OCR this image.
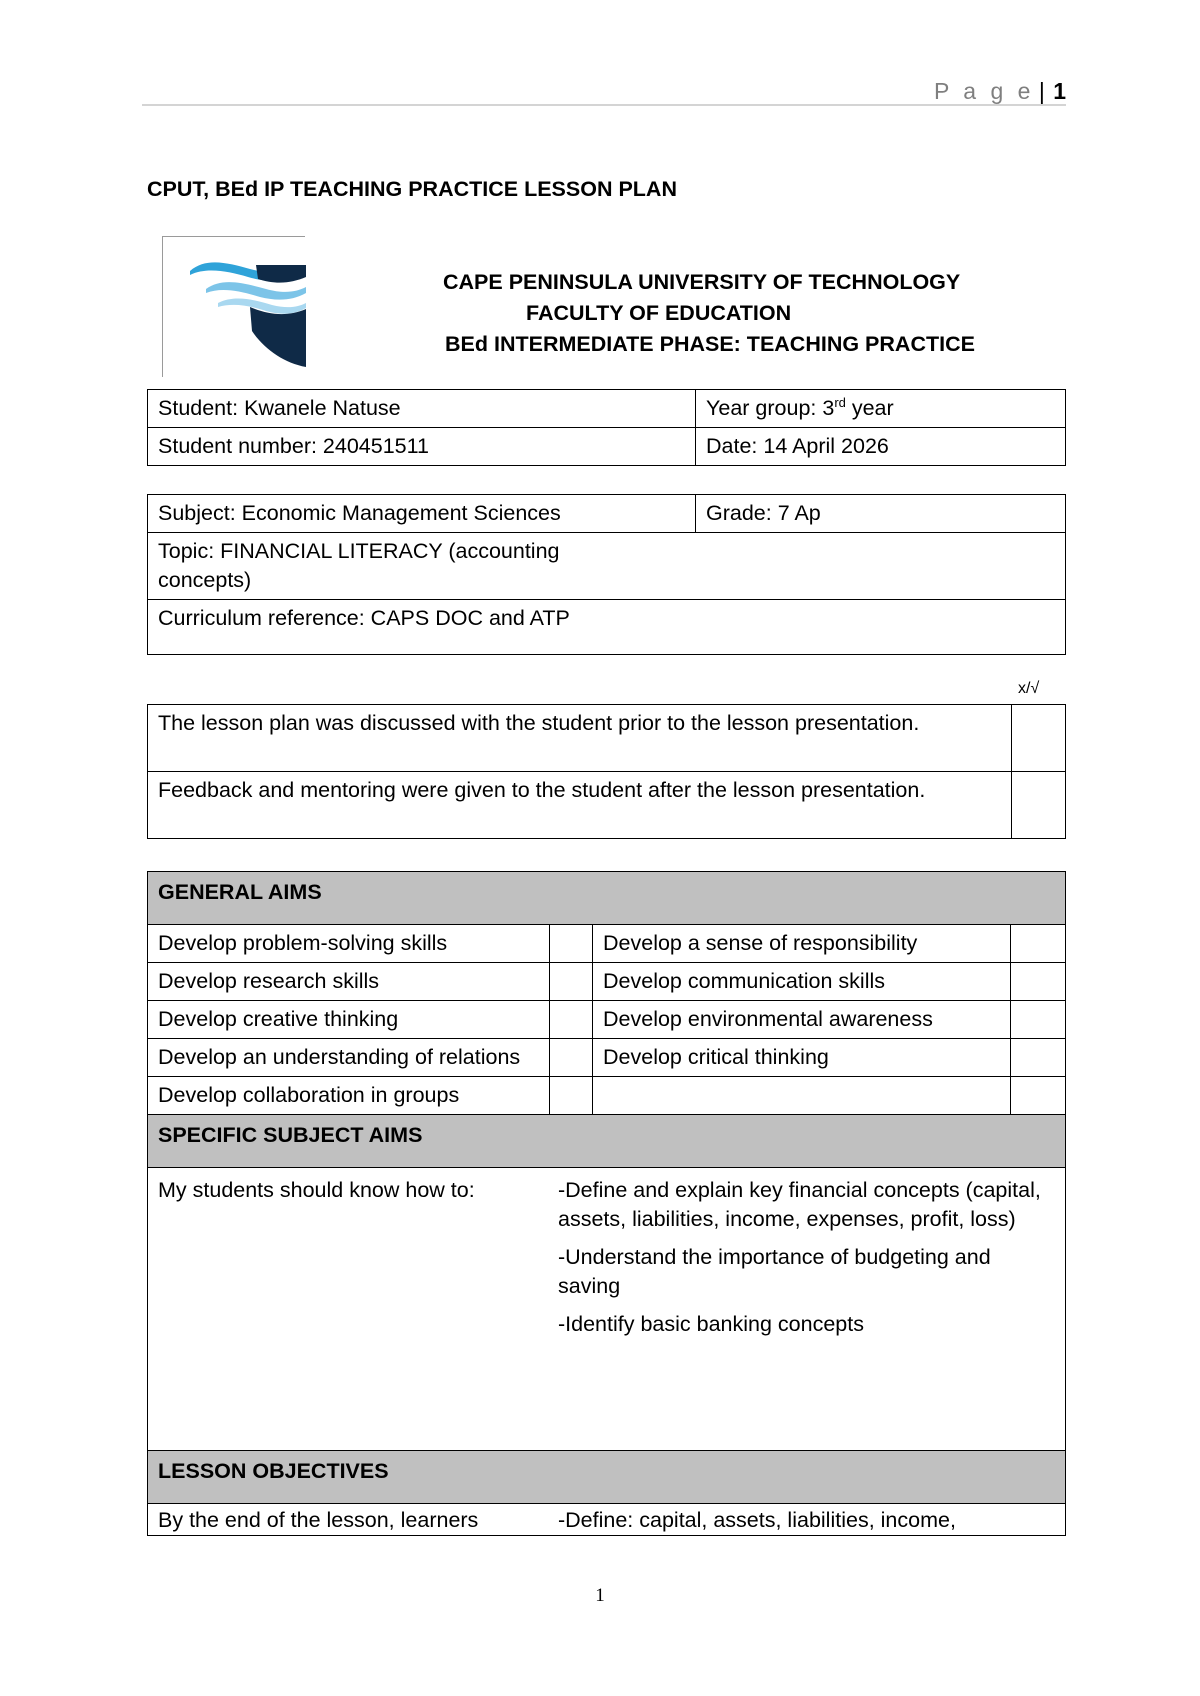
P a g e | 1
CPUT, BEd IP TEACHING PRACTICE LESSON PLAN
CAPE PENINSULA UNIVERSITY OF TECHNOLOGY
FACULTY OF EDUCATION
BEd INTERMEDIATE PHASE: TEACHING PRACTICE
Student: Kwanele Natuse	Year group: 3rd year
Student number: 240451511	Date: 14 April 2026
Subject: Economic Management Sciences	Grade: 7 Ap

Topic: FINANCIAL LITERACY (accounting concepts)

Curriculum reference: CAPS DOC and ATP
x/√
The lesson plan was discussed with the student prior to the lesson presentation.	
Feedback and mentoring were given to the student after the lesson presentation.	
GENERAL AIMS			
Develop problem-solving skills		Develop a sense of responsibility	
Develop research skills		Develop communication skills	
Develop creative thinking		Develop environmental awareness	
Develop an understanding of relations		Develop critical thinking	
Develop collaboration in groups			
SPECIFIC SUBJECT AIMS			

My students should know how to: -Define and explain key financial concepts (capital, assets, liabilities, income, expenses, profit, loss)
-Understand the importance of budgeting and saving
-Identify basic banking concepts			

LESSON OBJECTIVES			

By the end of the lesson, learners -Define: capital, assets, liabilities, income,			
1
